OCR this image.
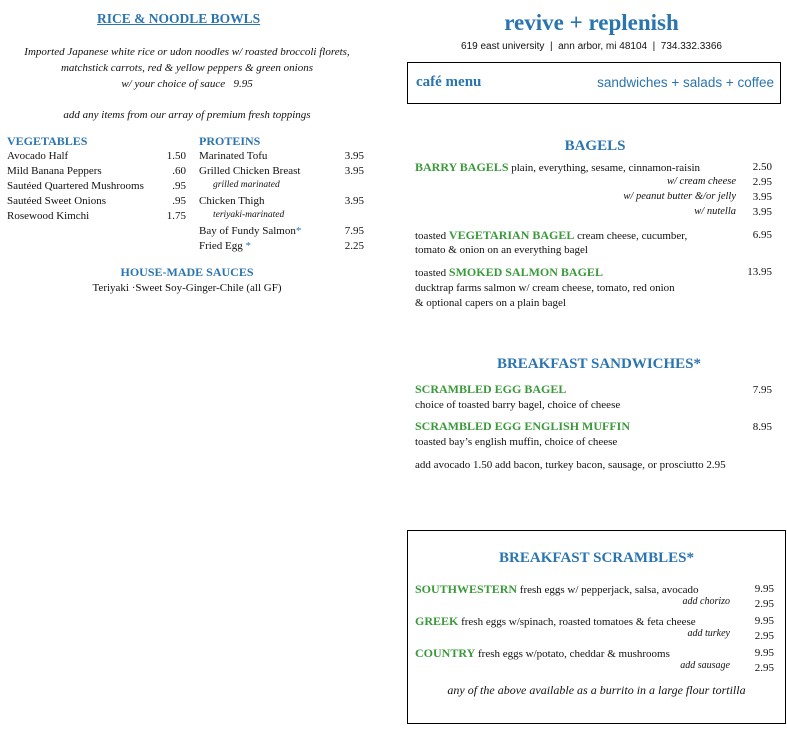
RICE & NOODLE BOWLS
Imported Japanese white rice or udon noodles w/ roasted broccoli florets,
matchstick carrots, red & yellow peppers & green onions
w/ your choice of sauce 9.95
add any items from our array of premium fresh toppings
VEGETABLES	PROTEINS
Avocado Half	1.50
Mild Banana Peppers	.60
Sautéed Quartered Mushrooms	.95
Sautéed Sweet Onions	.95
Rosewood Kimchi	1.75
Marinated Tofu	3.95
Grilled Chicken Breast	3.95
grilled marinated
Chicken Thigh	3.95
teriyaki-marinated
Bay of Fundy Salmon*	7.95
Fried Egg *	2.25
HOUSE-MADE SAUCES
Teriyaki ·Sweet Soy-Ginger-Chile (all GF)
revive + replenish
619 east university  |  ann arbor, mi 48104  |  734.332.3366
café menu	sandwiches + salads + coffee
BAGELS
BARRY BAGELS plain, everything, sesame, cinnamon-raisin	2.50
w/ cream cheese	2.95
w/ peanut butter &/or jelly	3.95
w/ nutella	3.95
toasted VEGETARIAN BAGEL cream cheese, cucumber,	6.95
tomato & onion on an everything bagel
toasted SMOKED SALMON BAGEL	13.95
ducktrap farms salmon w/ cream cheese, tomato, red onion
& optional capers on a plain bagel
BREAKFAST SANDWICHES*
SCRAMBLED EGG BAGEL	7.95
choice of toasted barry bagel, choice of cheese
SCRAMBLED EGG ENGLISH MUFFIN	8.95
toasted bay’s english muffin, choice of cheese
add avocado 1.50 add bacon, turkey bacon, sausage, or prosciutto 2.95
BREAKFAST SCRAMBLES*
SOUTHWESTERN fresh eggs w/ pepperjack, salsa, avocado	9.95
add chorizo	2.95
GREEK fresh eggs w/spinach, roasted tomatoes & feta cheese	9.95
add turkey	2.95
COUNTRY fresh eggs w/potato, cheddar & mushrooms	9.95
add sausage	2.95
any of the above available as a burrito in a large flour tortilla
